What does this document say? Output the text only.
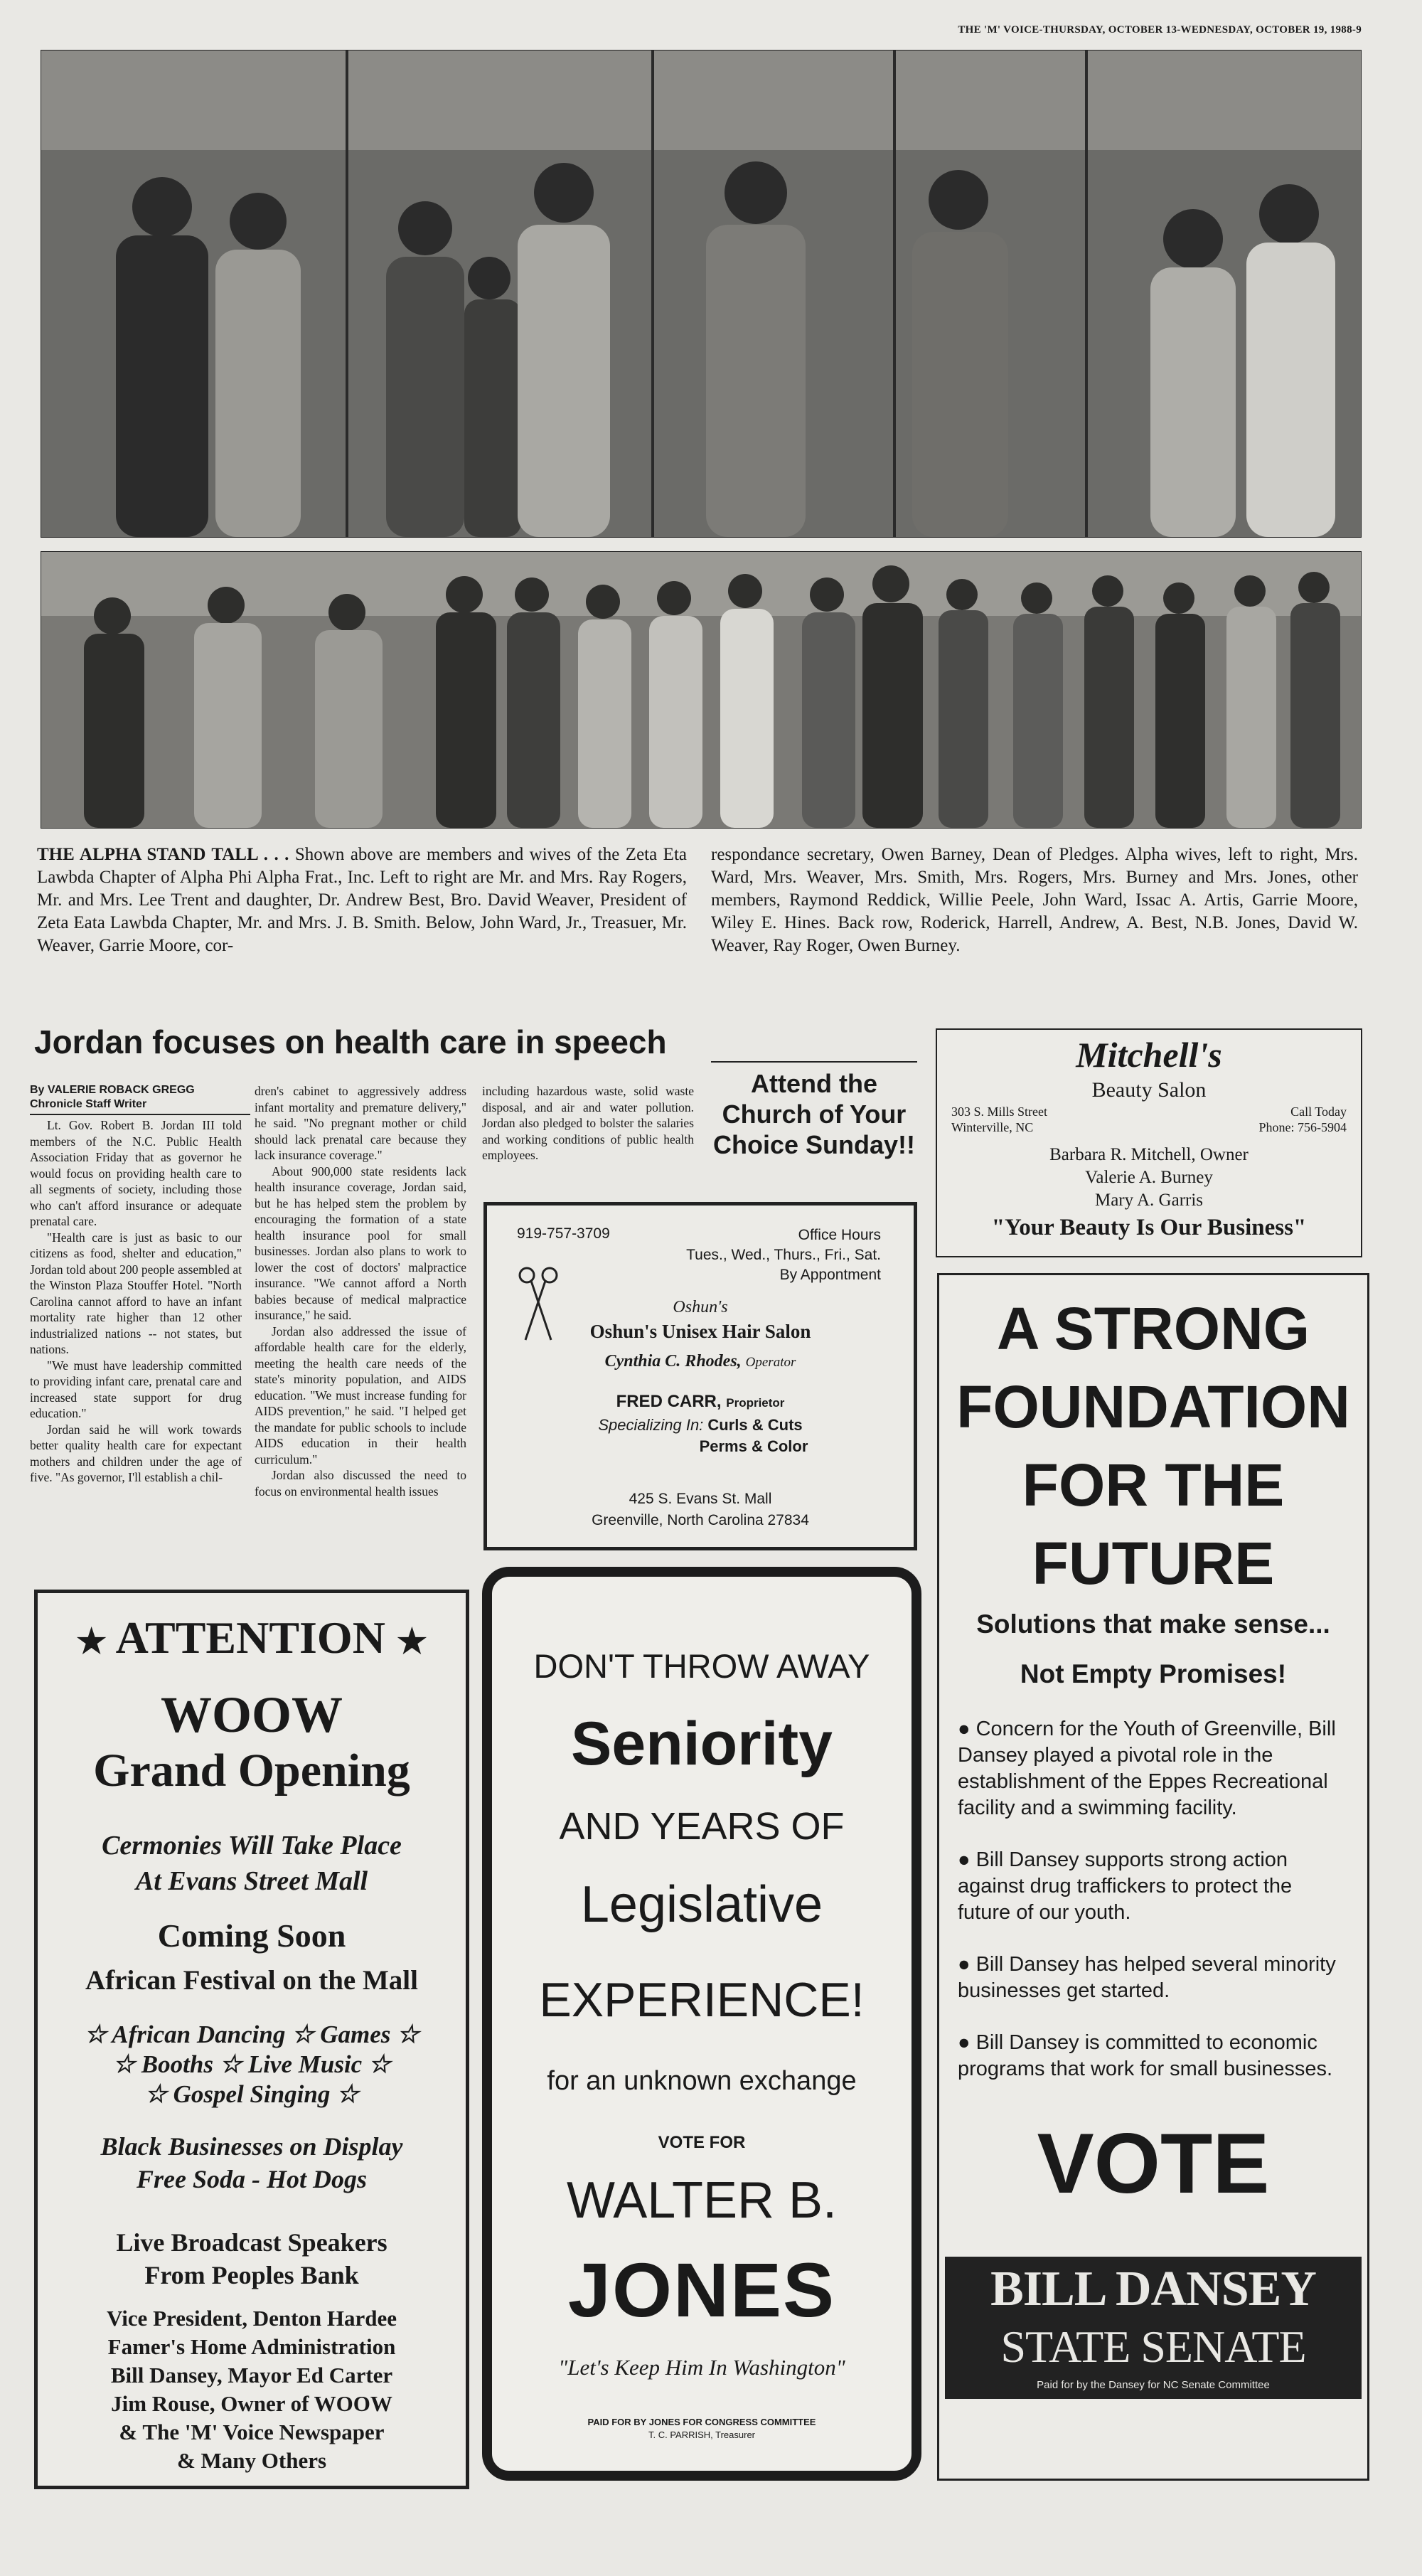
THE 'M' VOICE-THURSDAY, OCTOBER 13-WEDNESDAY, OCTOBER 19, 1988-9
THE ALPHA STAND TALL . . . Shown above are members and wives of the Zeta Eta Lawbda Chapter of Alpha Phi Alpha Frat., Inc. Left to right are Mr. and Mrs. Ray Rogers, Mr. and Mrs. Lee Trent and daughter, Dr. Andrew Best, Bro. David Weaver, President of Zeta Eata Lawbda Chapter, Mr. and Mrs. J. B. Smith. Below, John Ward, Jr., Treasuer, Mr. Weaver, Garrie Moore, cor-
respondance secretary, Owen Barney, Dean of Pledges. Alpha wives, left to right, Mrs. Ward, Mrs. Weaver, Mrs. Smith, Mrs. Rogers, Mrs. Burney and Mrs. Jones, other members, Raymond Reddick, Willie Peele, John Ward, Issac A. Artis, Garrie Moore, Wiley E. Hines. Back row, Roderick, Harrell, Andrew, A. Best, N.B. Jones, David W. Weaver, Ray Roger, Owen Burney.
Jordan focuses on health care in speech
By VALERIE ROBACK GREGG
Chronicle Staff Writer

Lt. Gov. Robert B. Jordan III told members of the N.C. Public Health Association Friday that as governor he would focus on providing health care to all segments of society, including those who can't afford insurance or adequate prenatal care.

"Health care is just as basic to our citizens as food, shelter and education," Jordan told about 200 people assembled at the Winston Plaza Stouffer Hotel. "North Carolina cannot afford to have an infant mortality rate higher than 12 other industrialized nations -- not states, but nations.

"We must have leadership committed to providing infant care, prenatal care and increased state support for drug education."

Jordan said he will work towards better quality health care for expectant mothers and children under the age of five. "As governor, I'll establish a chil-

dren's cabinet to aggressively address infant mortality and premature delivery," he said. "No pregnant mother or child should lack prenatal care because they lack insurance coverage."

About 900,000 state residents lack health insurance coverage, Jordan said, but he has helped stem the problem by encouraging the formation of a state health insurance pool for small businesses. Jordan also plans to work to lower the cost of doctors' malpractice insurance. "We cannot afford a North babies because of medical malpractice insurance," he said.

Jordan also addressed the issue of affordable health care for the elderly, meeting the health care needs of the state's minority population, and AIDS education. "We must increase funding for AIDS prevention," he said. "I helped get the mandate for public schools to include AIDS education in their health curriculum."

Jordan also discussed the need to focus on environmental health issues

including hazardous waste, solid waste disposal, and air and water pollution. Jordan also pledged to bolster the salaries and working conditions of public health employees.

Attend the Church of Your Choice Sunday!!
Mitchell's
Beauty Salon
303 S. Mills Street
Winterville, NC
Call Today
Phone: 756-5904
Barbara R. Mitchell, Owner
Valerie A. Burney
Mary A. Garris
"Your Beauty Is Our Business"
919-757-3709	Office Hours
Tues., Wed., Thurs., Fri., Sat.
By Appontment
Oshun's
Oshun's Unisex Hair Salon
Cynthia C. Rhodes, Operator
FRED CARR, Proprietor
Specializing In: Curls & Cuts
Perms & Color
425 S. Evans St. Mall
Greenville, North Carolina 27834
A STRONG
FOUNDATION
FOR THE
FUTURE
Solutions that make sense...
Not Empty Promises!
● Concern for the Youth of Greenville, Bill Dansey played a pivotal role in the establishment of the Eppes Recreational facility and a swimming facility.
● Bill Dansey supports strong action against drug traffickers to protect the future of our youth.
● Bill Dansey has helped several minority businesses get started.
● Bill Dansey is committed to economic programs that work for small businesses.
VOTE
BILL DANSEY
STATE SENATE
Paid for by the Dansey for NC Senate Committee
★ ATTENTION ★
WOOW
Grand Opening
Cermonies Will Take Place
At Evans Street Mall
Coming Soon
African Festival on the Mall
☆ African Dancing ☆ Games ☆
☆ Booths ☆ Live Music ☆
☆ Gospel Singing ☆
Black Businesses on Display
Free Soda - Hot Dogs
Live Broadcast Speakers
From Peoples Bank
Vice President, Denton Hardee
Famer's Home Administration
Bill Dansey, Mayor Ed Carter
Jim Rouse, Owner of WOOW
& The 'M' Voice Newspaper
& Many Others
DON'T THROW AWAY
Seniority
AND YEARS OF
Legislative
EXPERIENCE!
for an unknown exchange
VOTE FOR
WALTER B.
JONES
"Let's Keep Him In Washington"
PAID FOR BY JONES FOR CONGRESS COMMITTEE
T. C. PARRISH, Treasurer
